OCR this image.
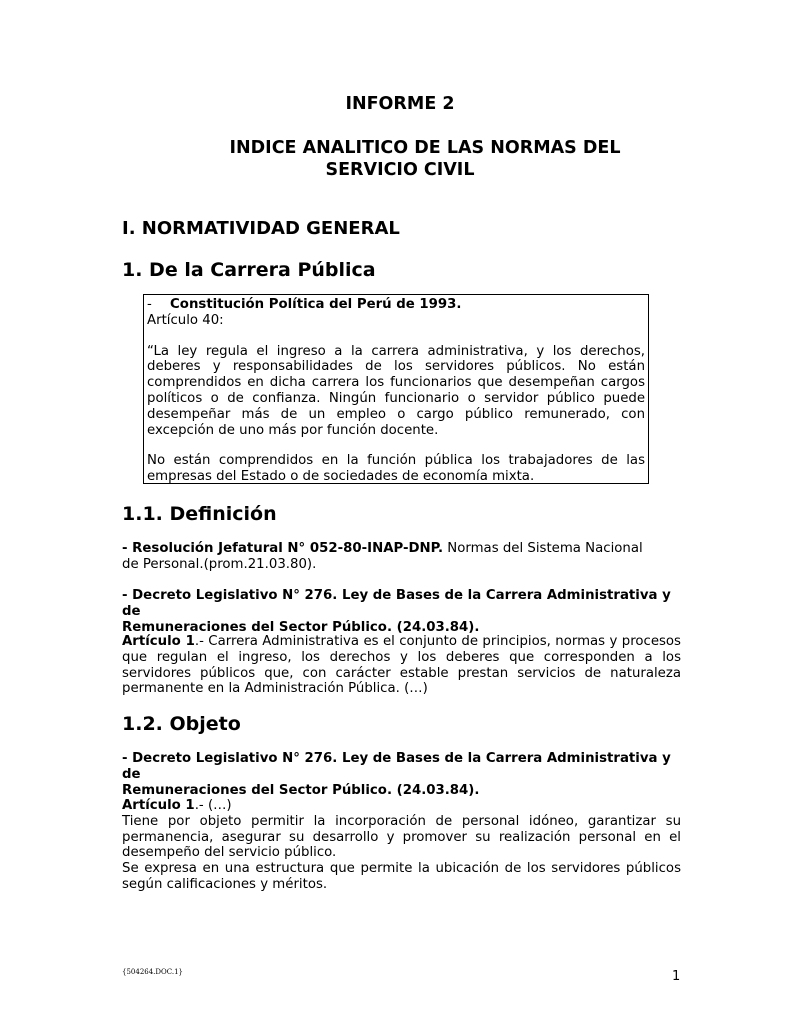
INFORME 2
INDICE ANALITICO DE LAS NORMAS DEL
SERVICIO CIVIL
I. NORMATIVIDAD GENERAL
1. De la Carrera Pública

- Constitución Política del Perú de 1993.

Artículo 40:

“La ley regula el ingreso a la carrera administrativa, y los derechos, deberes y responsabilidades de los servidores públicos. No están comprendidos en dicha carrera los funcionarios que desempeñan cargos políticos o de confianza. Ningún funcionario o servidor público puede desempeñar más de un empleo o cargo público remunerado, con excepción de uno más por función docente.

No están comprendidos en la función pública los trabajadores de las empresas del Estado o de sociedades de economía mixta.

1.1. Definición
- Resolución Jefatural N° 052-80-INAP-DNP. Normas del Sistema Nacional
de Personal.(prom.21.03.80).
- Decreto Legislativo N° 276. Ley de Bases de la Carrera Administrativa y de
Remuneraciones del Sector Público. (24.03.84).
Artículo 1.- Carrera Administrativa es el conjunto de principios, normas y procesos que regulan el ingreso, los derechos y los deberes que corresponden a los servidores públicos que, con carácter estable prestan servicios de naturaleza permanente en la Administración Pública. (…)
1.2. Objeto
- Decreto Legislativo N° 276. Ley de Bases de la Carrera Administrativa y de
Remuneraciones del Sector Público. (24.03.84).
Artículo 1.- (…)
Tiene por objeto permitir la incorporación de personal idóneo, garantizar su permanencia, asegurar su desarrollo y promover su realización personal en el desempeño del servicio público.
Se expresa en una estructura que permite la ubicación de los servidores públicos según calificaciones y méritos.
{504264.DOC.1}	1
